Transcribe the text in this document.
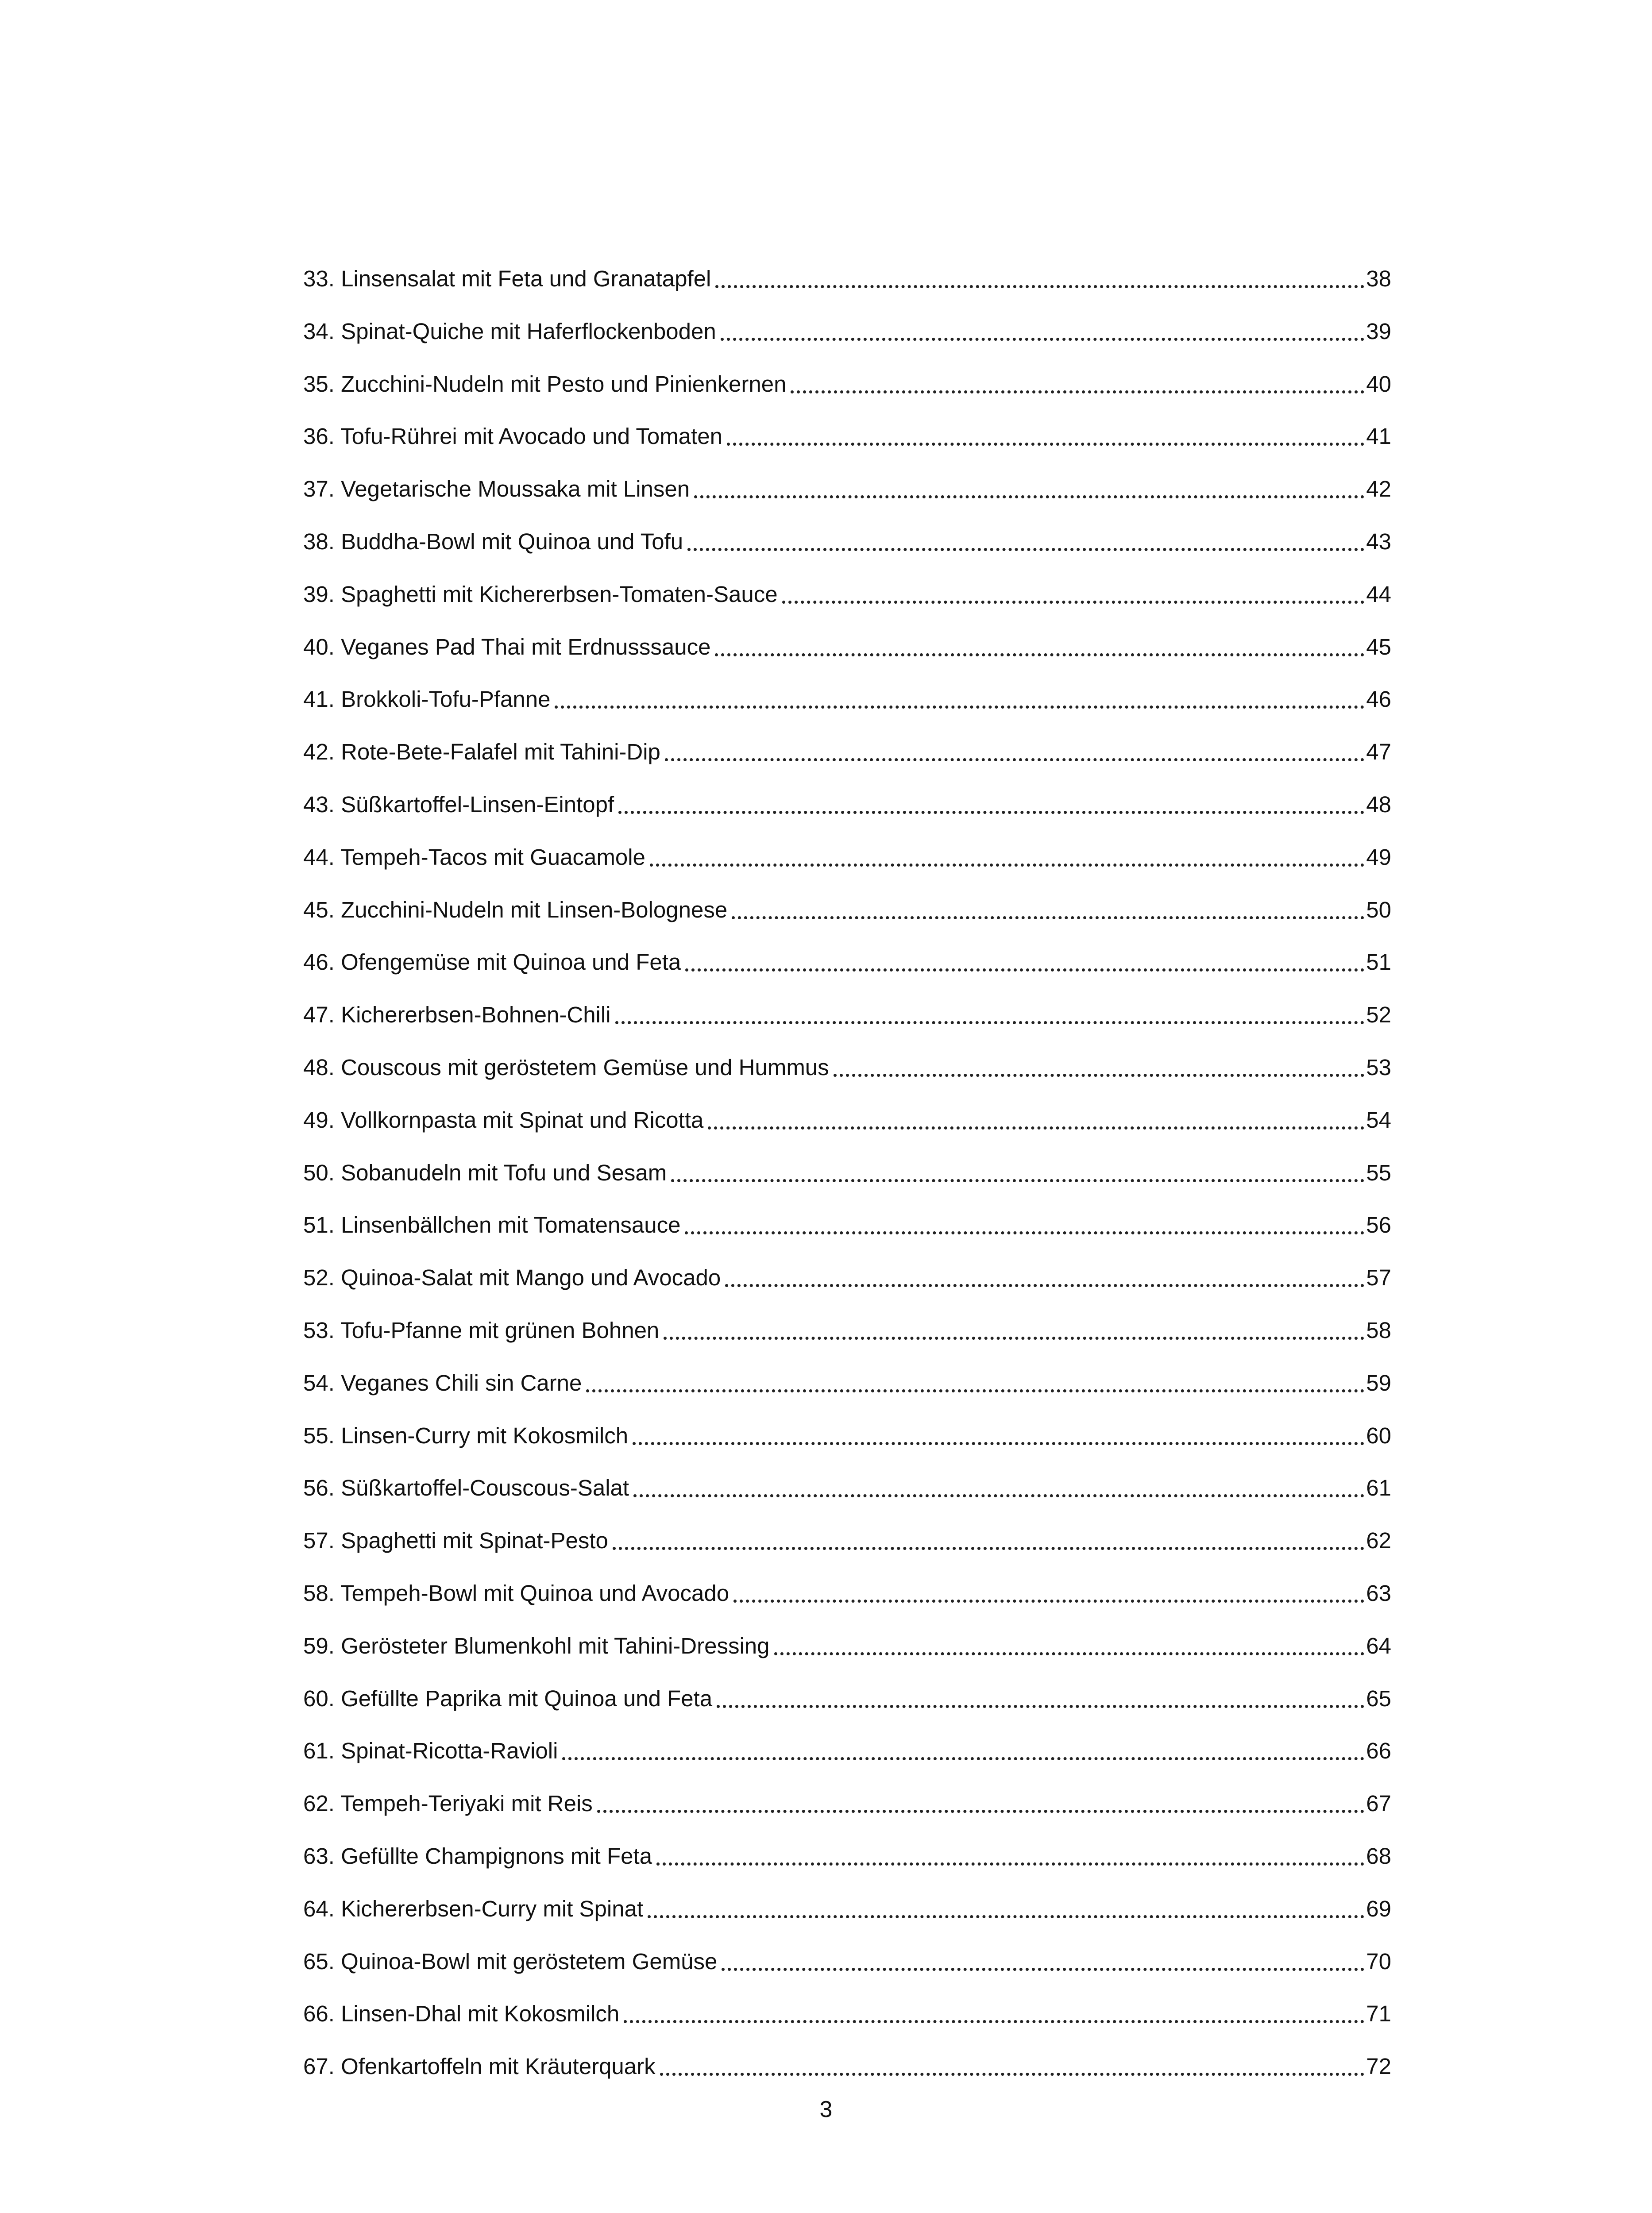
33. Linsensalat mit Feta und Granatapfel	38
34. Spinat-Quiche mit Haferflockenboden	39
35. Zucchini-Nudeln mit Pesto und Pinienkernen	40
36. Tofu-Rührei mit Avocado und Tomaten	41
37. Vegetarische Moussaka mit Linsen	42
38. Buddha-Bowl mit Quinoa und Tofu	43
39. Spaghetti mit Kichererbsen-Tomaten-Sauce	44
40. Veganes Pad Thai mit Erdnusssauce	45
41. Brokkoli-Tofu-Pfanne	46
42. Rote-Bete-Falafel mit Tahini-Dip	47
43. Süßkartoffel-Linsen-Eintopf	48
44. Tempeh-Tacos mit Guacamole	49
45. Zucchini-Nudeln mit Linsen-Bolognese	50
46. Ofengemüse mit Quinoa und Feta	51
47. Kichererbsen-Bohnen-Chili	52
48. Couscous mit geröstetem Gemüse und Hummus	53
49. Vollkornpasta mit Spinat und Ricotta	54
50. Sobanudeln mit Tofu und Sesam	55
51. Linsenbällchen mit Tomatensauce	56
52. Quinoa-Salat mit Mango und Avocado	57
53. Tofu-Pfanne mit grünen Bohnen	58
54. Veganes Chili sin Carne	59
55. Linsen-Curry mit Kokosmilch	60
56. Süßkartoffel-Couscous-Salat	61
57. Spaghetti mit Spinat-Pesto	62
58. Tempeh-Bowl mit Quinoa und Avocado	63
59. Gerösteter Blumenkohl mit Tahini-Dressing	64
60. Gefüllte Paprika mit Quinoa und Feta	65
61. Spinat-Ricotta-Ravioli	66
62. Tempeh-Teriyaki mit Reis	67
63. Gefüllte Champignons mit Feta	68
64. Kichererbsen-Curry mit Spinat	69
65. Quinoa-Bowl mit geröstetem Gemüse	70
66. Linsen-Dhal mit Kokosmilch	71
67. Ofenkartoffeln mit Kräuterquark	72
3
